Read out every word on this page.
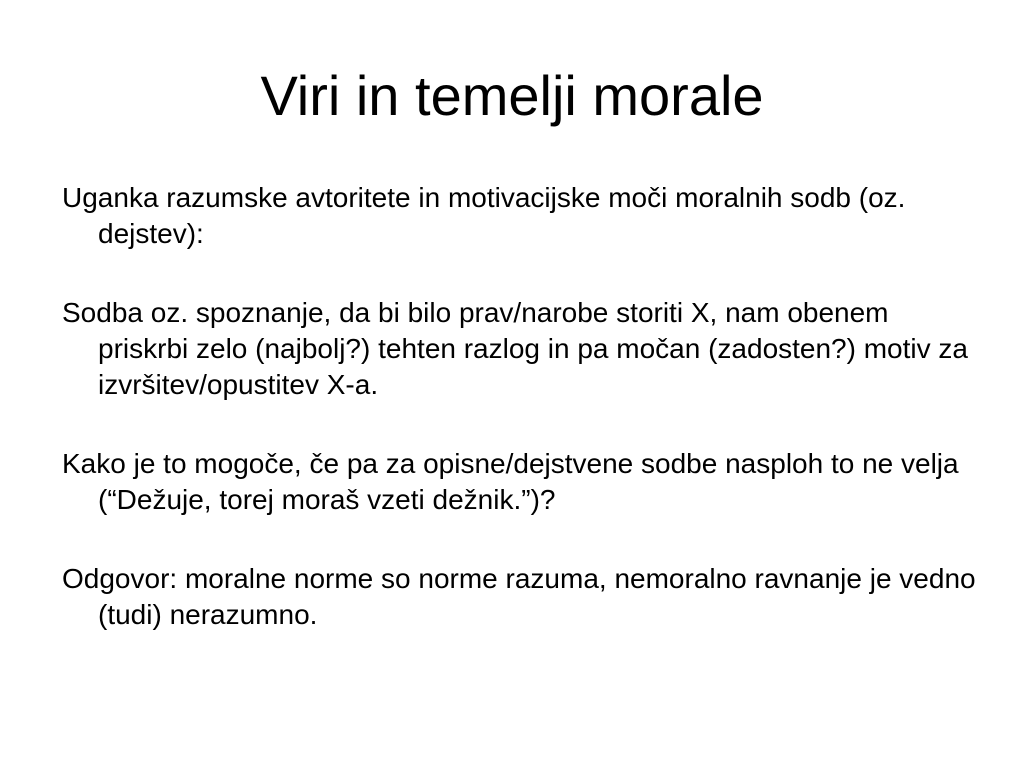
Viri in temelji morale
Uganka razumske avtoritete in motivacijske moči moralnih sodb (oz. dejstev):
Sodba oz. spoznanje, da bi bilo prav/narobe storiti X, nam obenem priskrbi zelo (najbolj?) tehten razlog in pa močan (zadosten?) motiv za izvršitev/opustitev X-a.
Kako je to mogoče, če pa za opisne/dejstvene sodbe nasploh to ne velja (“Dežuje, torej moraš vzeti dežnik.”)?
Odgovor: moralne norme so norme razuma, nemoralno ravnanje je vedno (tudi) nerazumno.
